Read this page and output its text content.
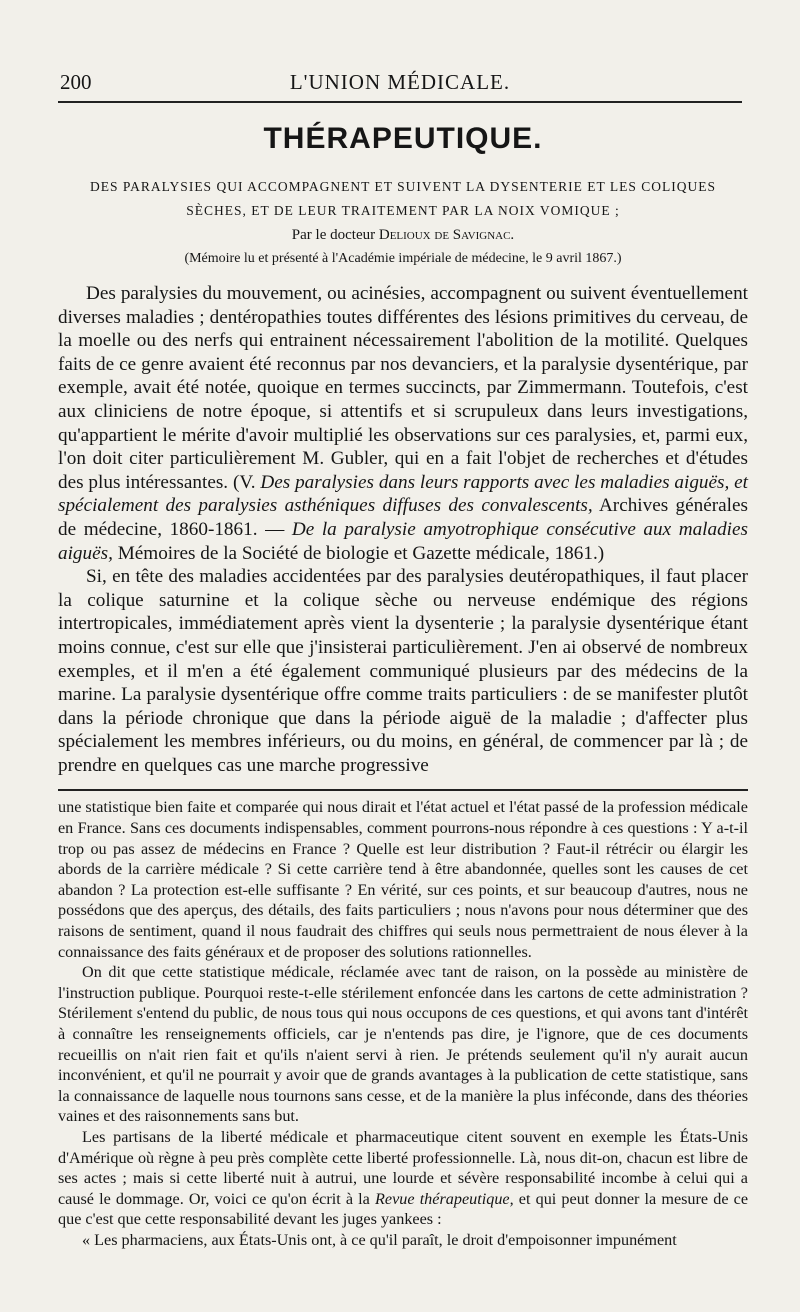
200	L'UNION MÉDICALE.
THÉRAPEUTIQUE.
DES PARALYSIES QUI ACCOMPAGNENT ET SUIVENT LA DYSENTERIE ET LES COLIQUES
SÈCHES, ET DE LEUR TRAITEMENT PAR LA NOIX VOMIQUE ;

Par le docteur Delioux de Savignac.

(Mémoire lu et présenté à l'Académie impériale de médecine, le 9 avril 1867.)

Des paralysies du mouvement, ou acinésies, accompagnent ou suivent éventuellement diverses maladies ; dentéropathies toutes différentes des lésions primitives du cerveau, de la moelle ou des nerfs qui entrainent nécessairement l'abolition de la motilité. Quelques faits de ce genre avaient été reconnus par nos devanciers, et la paralysie dysentérique, par exemple, avait été notée, quoique en termes succincts, par Zimmermann. Toutefois, c'est aux cliniciens de notre époque, si attentifs et si scrupuleux dans leurs investigations, qu'appartient le mérite d'avoir multiplié les observations sur ces paralysies, et, parmi eux, l'on doit citer particulièrement M. Gubler, qui en a fait l'objet de recherches et d'études des plus intéressantes. (V. Des paralysies dans leurs rapports avec les maladies aiguës, et spécialement des paralysies asthéniques diffuses des convalescents, Archives générales de médecine, 1860-1861. — De la paralysie amyotrophique consécutive aux maladies aiguës, Mémoires de la Société de biologie et Gazette médicale, 1861.)

Si, en tête des maladies accidentées par des paralysies deutéropathiques, il faut placer la colique saturnine et la colique sèche ou nerveuse endémique des régions intertropicales, immédiatement après vient la dysenterie ; la paralysie dysentérique étant moins connue, c'est sur elle que j'insisterai particulièrement. J'en ai observé de nombreux exemples, et il m'en a été également communiqué plusieurs par des médecins de la marine. La paralysie dysentérique offre comme traits particuliers : de se manifester plutôt dans la période chronique que dans la période aiguë de la maladie ; d'affecter plus spécialement les membres inférieurs, ou du moins, en général, de commencer par là ; de prendre en quelques cas une marche progressive

une statistique bien faite et comparée qui nous dirait et l'état actuel et l'état passé de la profession médicale en France. Sans ces documents indispensables, comment pourrons-nous répondre à ces questions : Y a-t-il trop ou pas assez de médecins en France ? Quelle est leur distribution ? Faut-il rétrécir ou élargir les abords de la carrière médicale ? Si cette carrière tend à être abandonnée, quelles sont les causes de cet abandon ? La protection est-elle suffisante ? En vérité, sur ces points, et sur beaucoup d'autres, nous ne possédons que des aperçus, des détails, des faits particuliers ; nous n'avons pour nous déterminer que des raisons de sentiment, quand il nous faudrait des chiffres qui seuls nous permettraient de nous élever à la connaissance des faits généraux et de proposer des solutions rationnelles.

On dit que cette statistique médicale, réclamée avec tant de raison, on la possède au ministère de l'instruction publique. Pourquoi reste-t-elle stérilement enfoncée dans les cartons de cette administration ? Stérilement s'entend du public, de nous tous qui nous occupons de ces questions, et qui avons tant d'intérêt à connaître les renseignements officiels, car je n'entends pas dire, je l'ignore, que de ces documents recueillis on n'ait rien fait et qu'ils n'aient servi à rien. Je prétends seulement qu'il n'y aurait aucun inconvénient, et qu'il ne pourrait y avoir que de grands avantages à la publication de cette statistique, sans la connaissance de laquelle nous tournons sans cesse, et de la manière la plus inféconde, dans des théories vaines et des raisonnements sans but.

Les partisans de la liberté médicale et pharmaceutique citent souvent en exemple les États-Unis d'Amérique où règne à peu près complète cette liberté professionnelle. Là, nous dit-on, chacun est libre de ses actes ; mais si cette liberté nuit à autrui, une lourde et sévère responsabilité incombe à celui qui a causé le dommage. Or, voici ce qu'on écrit à la Revue thérapeutique, et qui peut donner la mesure de ce que c'est que cette responsabilité devant les juges yankees :

« Les pharmaciens, aux États-Unis ont, à ce qu'il paraît, le droit d'empoisonner impunément
